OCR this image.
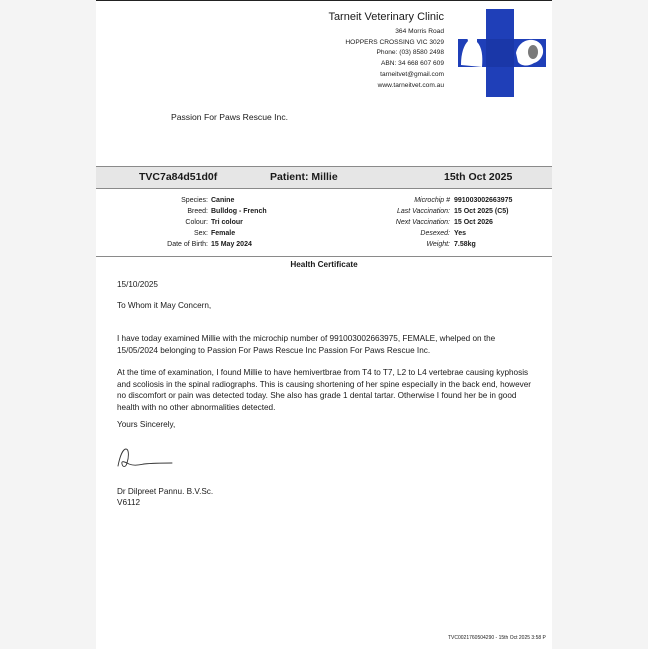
Tarneit Veterinary Clinic
364 Morris Road
HOPPERS CROSSING VIC 3029
Phone: (03) 8580 2498
ABN: 34 668 607 609
tarneitvet@gmail.com
www.tarneitvet.com.au
Passion For Paws Rescue Inc.
TVC7a84d51d0f	Patient: Millie	15th Oct 2025
Species: Canine
Breed: Bulldog - French
Colour: Tri colour
Sex: Female
Date of Birth: 15 May 2024
Microchip # 991003002663975
Last Vaccination: 15 Oct 2025 (C5)
Next Vaccination: 15 Oct 2026
Desexed: Yes
Weight: 7.58kg
Health Certificate
15/10/2025
To Whom it May Concern,
I have today examined Millie with the microchip number of 991003002663975, FEMALE, whelped on the 15/05/2024 belonging to Passion For Paws Rescue Inc Passion For Paws Rescue Inc.
At the time of examination, I found Millie to have hemivertbrae from T4 to T7, L2 to L4 vertebrae causing kyphosis and scoliosis in the spinal radiographs. This is causing shortening of her spine especially in the back end, however no discomfort or pain was detected today. She also has grade 1 dental tartar. Otherwise I found her be in good health with no other abnormalities detected.
Yours Sincerely,
Dr Dilpreet Pannu. B.V.Sc.
V6112
TVC0021760504290 - 15th Oct 2025 3:58 P
